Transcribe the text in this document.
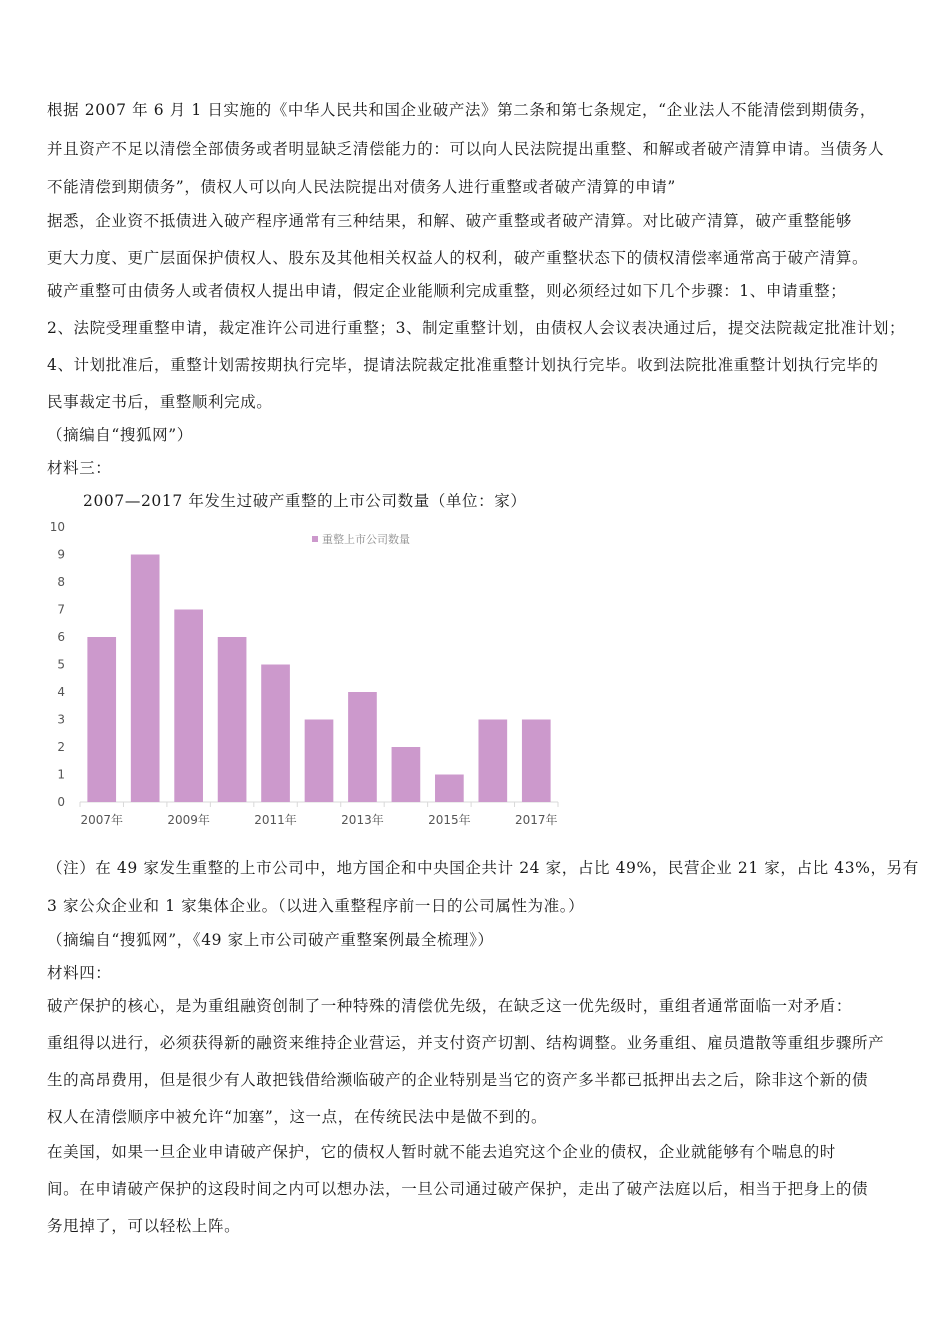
根据 2007 年 6 月 1 日实施的《中华人民共和国企业破产法》第二条和第七条规定，“企业法人不能清偿到期债务，
并且资产不足以清偿全部债务或者明显缺乏清偿能力的：可以向人民法院提出重整、和解或者破产清算申请。当债务人
不能清偿到期债务”，债权人可以向人民法院提出对债务人进行重整或者破产清算的申请”
据悉，企业资不抵债进入破产程序通常有三种结果，和解、破产重整或者破产清算。对比破产清算，破产重整能够
更大力度、更广层面保护债权人、股东及其他相关权益人的权利，破产重整状态下的债权清偿率通常高于破产清算。
破产重整可由债务人或者债权人提出申请，假定企业能顺利完成重整，则必须经过如下几个步骤：1、申请重整；
2、法院受理重整申请，裁定准许公司进行重整；3、制定重整计划，由债权人会议表决通过后，提交法院裁定批准计划；
4、计划批准后，重整计划需按期执行完毕，提请法院裁定批准重整计划执行完毕。收到法院批准重整计划执行完毕的
民事裁定书后，重整顺利完成。
（摘编自“搜狐网”）
材料三：
2007—2017 年发生过破产重整的上市公司数量（单位：家）
0
1
2
3
4
5
6
7
8
9
10
2007年	2009年	2011年	2013年	2015年	2017年
重整上市公司数量
（注）在 49 家发生重整的上市公司中，地方国企和中央国企共计 24 家，占比 49%，民营企业 21 家，占比 43%，另有
3 家公众企业和 1 家集体企业。（以进入重整程序前一日的公司属性为准。）
（摘编自“搜狐网”，《49 家上市公司破产重整案例最全梳理》）
材料四：
破产保护的核心，是为重组融资创制了一种特殊的清偿优先级，在缺乏这一优先级时，重组者通常面临一对矛盾：
重组得以进行，必须获得新的融资来维持企业营运，并支付资产切割、结构调整。业务重组、雇员遣散等重组步骤所产
生的高昂费用，但是很少有人敢把钱借给濒临破产的企业特别是当它的资产多半都已抵押出去之后，除非这个新的债
权人在清偿顺序中被允许“加塞”，这一点，在传统民法中是做不到的。
在美国，如果一旦企业申请破产保护，它的债权人暂时就不能去追究这个企业的债权，企业就能够有个喘息的时
间。在申请破产保护的这段时间之内可以想办法，一旦公司通过破产保护，走出了破产法庭以后，相当于把身上的债
务甩掉了，可以轻松上阵。
